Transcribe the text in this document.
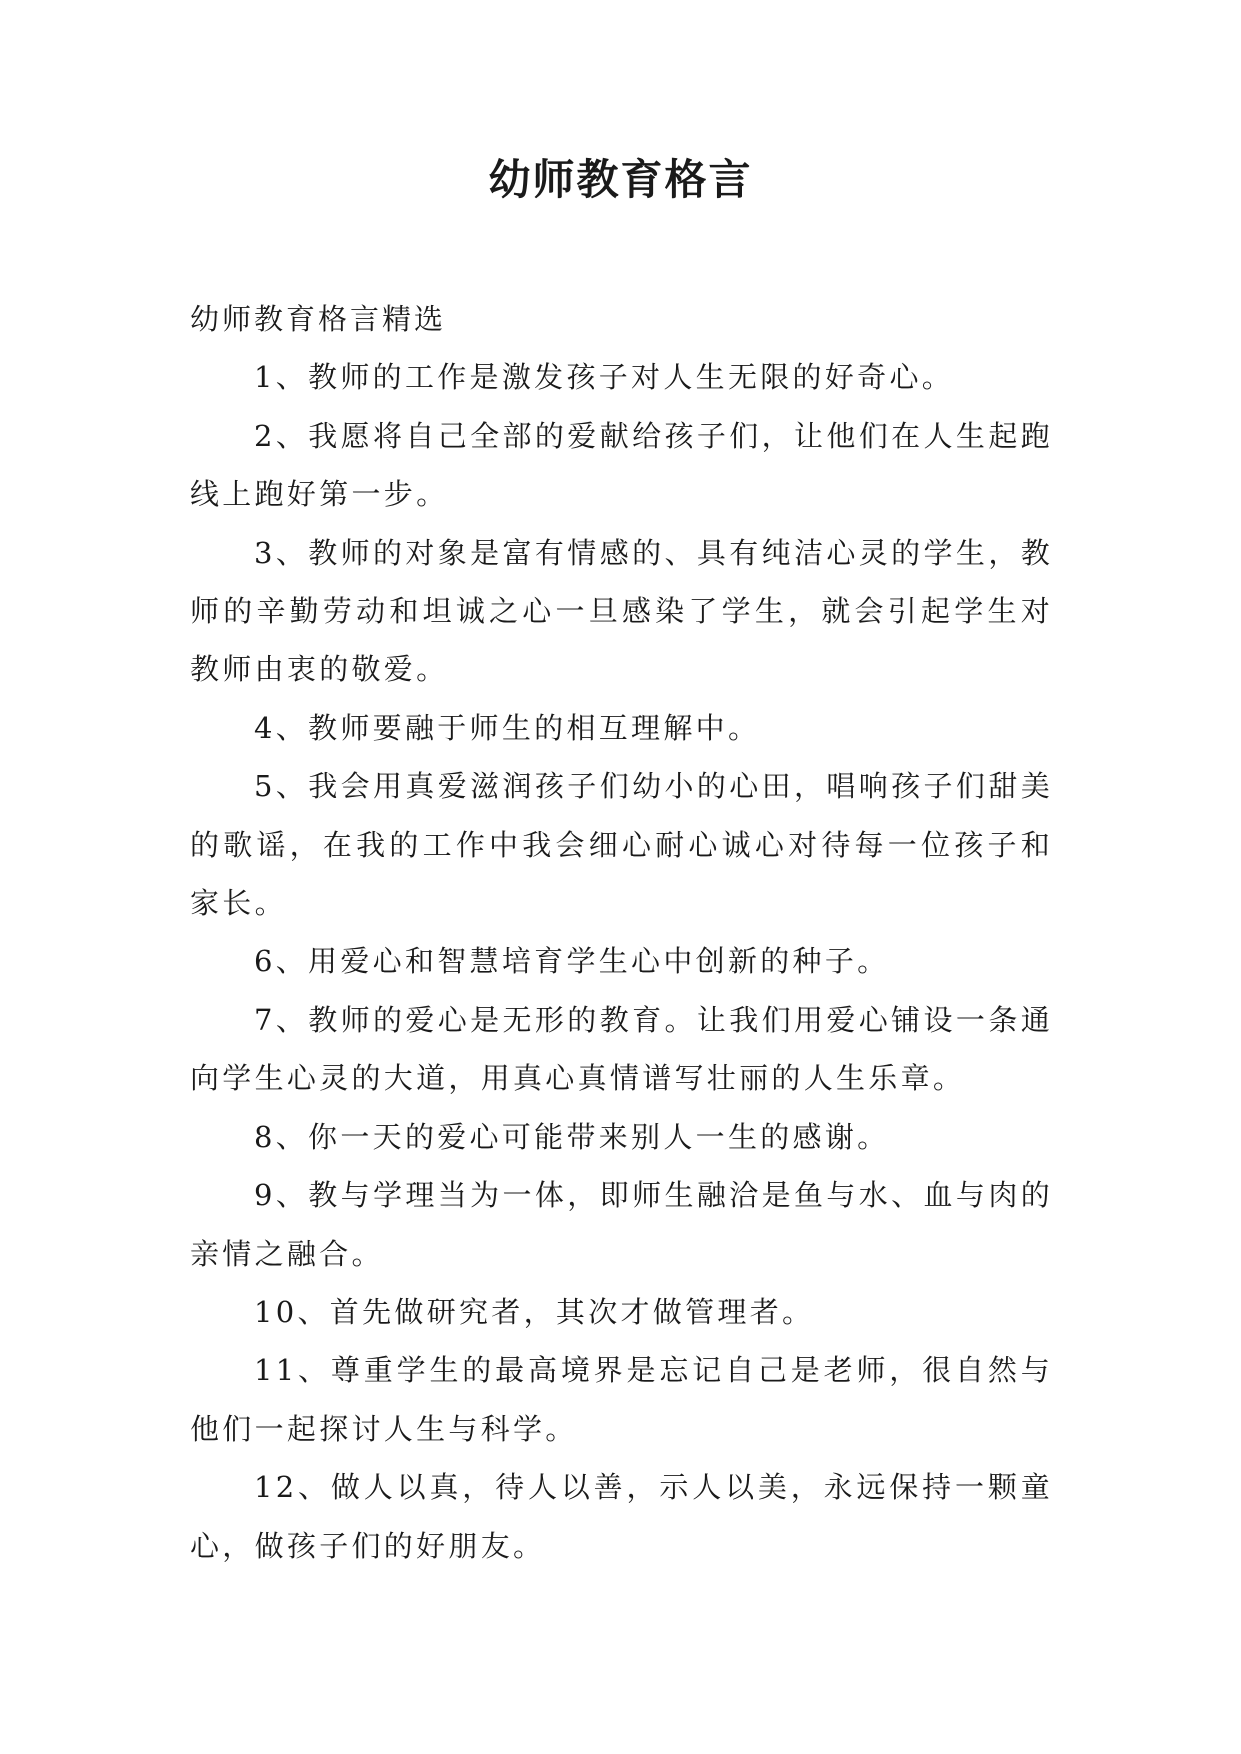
幼师教育格言

幼师教育格言精选

1、教师的工作是激发孩子对人生无限的好奇心。

2、我愿将自己全部的爱献给孩子们，让他们在人生起跑线上跑好第一步。

3、教师的对象是富有情感的、具有纯洁心灵的学生，教师的辛勤劳动和坦诚之心一旦感染了学生，就会引起学生对教师由衷的敬爱。

4、教师要融于师生的相互理解中。

5、我会用真爱滋润孩子们幼小的心田，唱响孩子们甜美的歌谣，在我的工作中我会细心耐心诚心对待每一位孩子和家长。

6、用爱心和智慧培育学生心中创新的种子。

7、教师的爱心是无形的教育。让我们用爱心铺设一条通向学生心灵的大道，用真心真情谱写壮丽的人生乐章。

8、你一天的爱心可能带来别人一生的感谢。

9、教与学理当为一体，即师生融洽是鱼与水、血与肉的亲情之融合。

10、首先做研究者，其次才做管理者。

11、尊重学生的最高境界是忘记自己是老师，很自然与他们一起探讨人生与科学。

12、做人以真，待人以善，示人以美，永远保持一颗童心，做孩子们的好朋友。
